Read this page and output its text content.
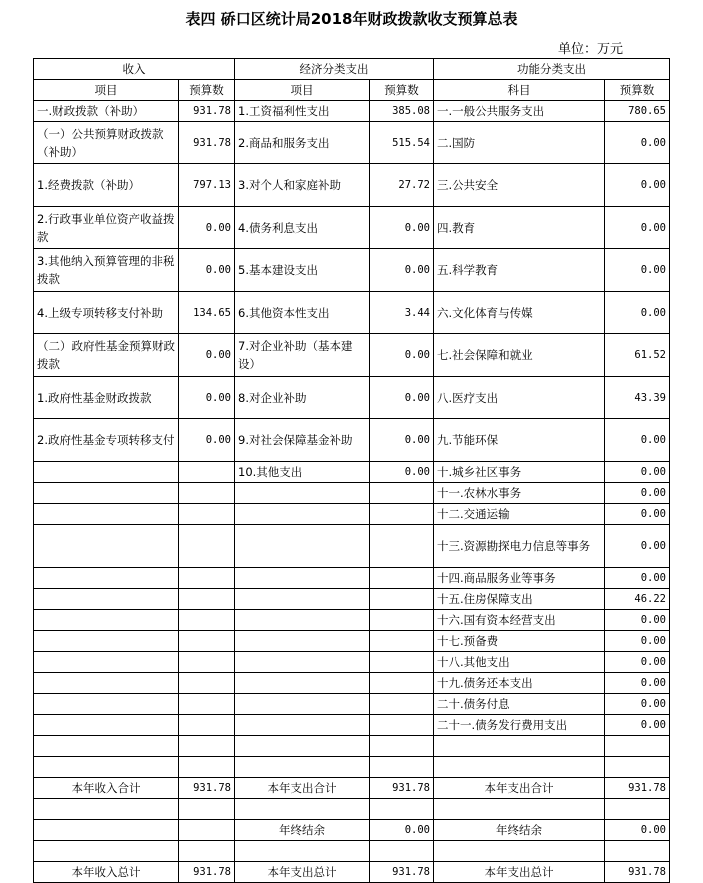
表四 硚口区统计局2018年财政拨款收支预算总表
单位：万元
收入		经济分类支出		功能分类支出	
项目	预算数	项目	预算数	科目	预算数
一.财政拨款（补助）	931.78	1.工资福利性支出	385.08	一.一般公共服务支出	780.65
（一）公共预算财政拨款（补助）	931.78	2.商品和服务支出	515.54	二.国防	0.00
1.经费拨款（补助）	797.13	3.对个人和家庭补助	27.72	三.公共安全	0.00
2.行政事业单位资产收益拨款	0.00	4.债务利息支出	0.00	四.教育	0.00
3.其他纳入预算管理的非税拨款	0.00	5.基本建设支出	0.00	五.科学教育	0.00
4.上级专项转移支付补助	134.65	6.其他资本性支出	3.44	六.文化体育与传媒	0.00
（二）政府性基金预算财政拨款	0.00	7.对企业补助（基本建设）	0.00	七.社会保障和就业	61.52
1.政府性基金财政拨款	0.00	8.对企业补助	0.00	八.医疗支出	43.39
2.政府性基金专项转移支付	0.00	9.对社会保障基金补助	0.00	九.节能环保	0.00
		10.其他支出	0.00	十.城乡社区事务	0.00
				十一.农林水事务	0.00
				十二.交通运输	0.00
				十三.资源勘探电力信息等事务	0.00
				十四.商品服务业等事务	0.00
				十五.住房保障支出	46.22
				十六.国有资本经营支出	0.00
				十七.预备费	0.00
				十八.其他支出	0.00
				十九.债务还本支出	0.00
				二十.债务付息	0.00
				二十一.债务发行费用支出	0.00

本年收入合计	931.78	本年支出合计	931.78	本年支出合计	931.78

		年终结余	0.00	年终结余	0.00

本年收入总计	931.78	本年支出总计	931.78	本年支出总计	931.78
